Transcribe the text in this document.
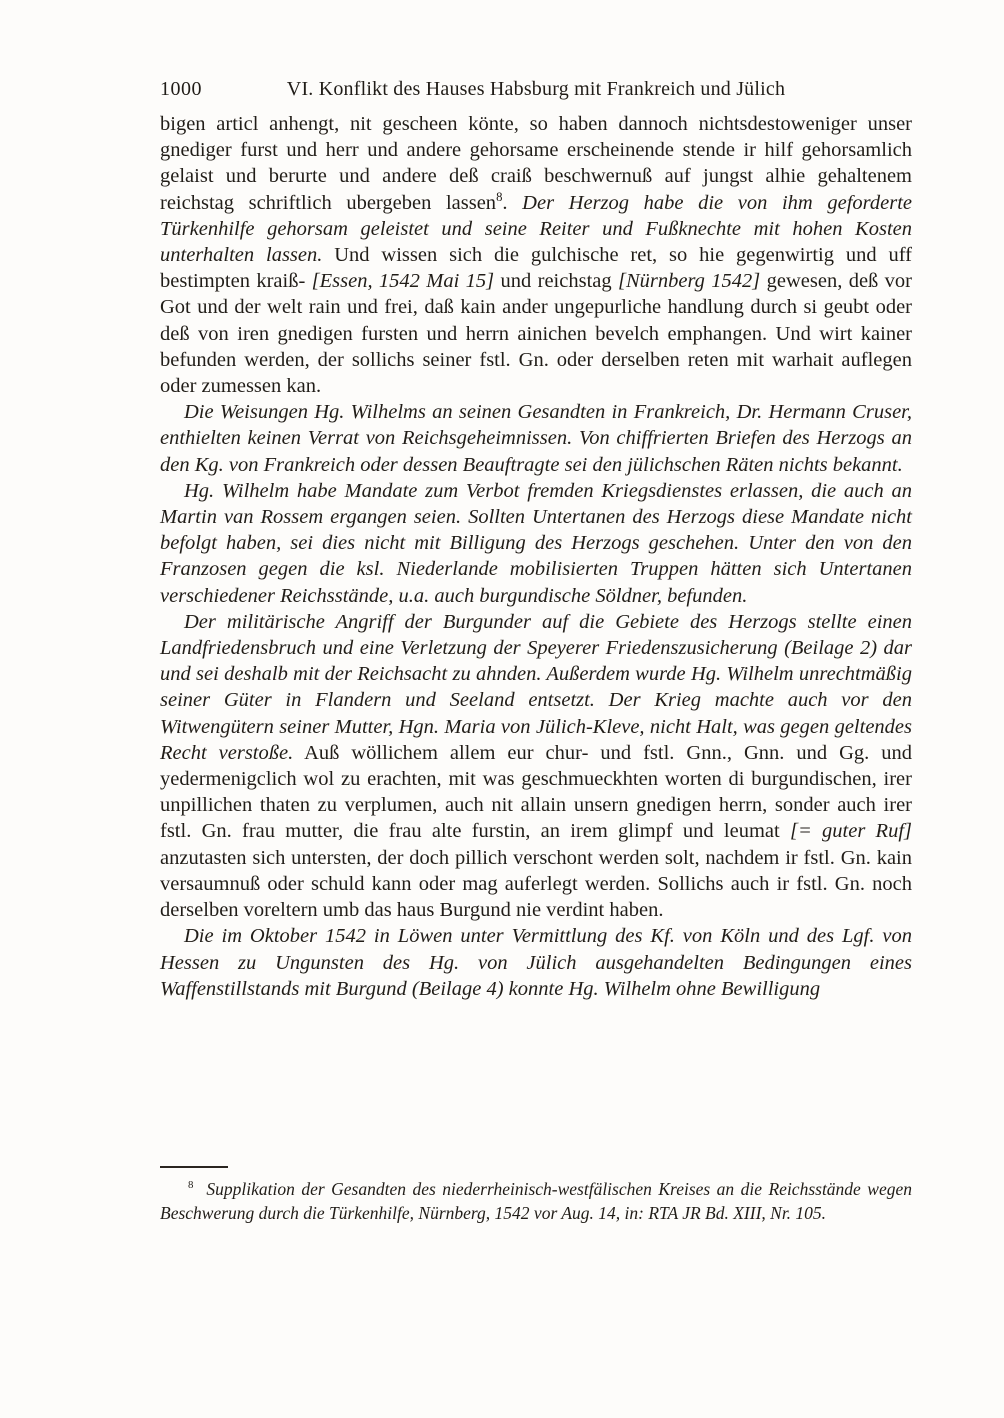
1000	VI. Konflikt des Hauses Habsburg mit Frankreich und Jülich

bigen articl anhengt, nit gescheen könte, so haben dannoch nichtsdestoweniger unser gnediger furst und herr und andere gehorsame erscheinende stende ir hilf gehorsamlich gelaist und berurte und andere deß craiß beschwernuß auf jungst alhie gehaltenem reichstag schriftlich ubergeben lassen$^8$. Der Herzog habe die von ihm geforderte Türkenhilfe gehorsam geleistet und seine Reiter und Fußknechte mit hohen Kosten unterhalten lassen. Und wissen sich die gulchische ret, so hie gegenwirtig und uff bestimpten kraiß- [Essen, 1542 Mai 15] und reichstag [Nürnberg 1542] gewesen, deß vor Got und der welt rain und frei, daß kain ander ungepurliche handlung durch si geubt oder deß von iren gnedigen fursten und herrn ainichen bevelch emphangen. Und wirt kainer befunden werden, der sollichs seiner fstl. Gn. oder derselben reten mit warhait auflegen oder zumessen kan.

Die Weisungen Hg. Wilhelms an seinen Gesandten in Frankreich, Dr. Hermann Cruser, enthielten keinen Verrat von Reichsgeheimnissen. Von chiffrierten Briefen des Herzogs an den Kg. von Frankreich oder dessen Beauftragte sei den jülichschen Räten nichts bekannt.

Hg. Wilhelm habe Mandate zum Verbot fremden Kriegsdienstes erlassen, die auch an Martin van Rossem ergangen seien. Sollten Untertanen des Herzogs diese Mandate nicht befolgt haben, sei dies nicht mit Billigung des Herzogs geschehen. Unter den von den Franzosen gegen die ksl. Niederlande mobilisierten Truppen hätten sich Untertanen verschiedener Reichsstände, u.a. auch burgundische Söldner, befunden.

Der militärische Angriff der Burgunder auf die Gebiete des Herzogs stellte einen Landfriedensbruch und eine Verletzung der Speyerer Friedenszusicherung (Beilage 2) dar und sei deshalb mit der Reichsacht zu ahnden. Außerdem wurde Hg. Wilhelm unrechtmäßig seiner Güter in Flandern und Seeland entsetzt. Der Krieg machte auch vor den Witwengütern seiner Mutter, Hgn. Maria von Jülich-Kleve, nicht Halt, was gegen geltendes Recht verstoße. Auß wöllichem allem eur chur- und fstl. Gnn., Gnn. und Gg. und yedermenigclich wol zu erachten, mit was geschmueckhten worten di burgundischen, irer unpillichen thaten zu verplumen, auch nit allain unsern gnedigen herrn, sonder auch irer fstl. Gn. frau mutter, die frau alte furstin, an irem glimpf und leumat [= guter Ruf] anzutasten sich untersten, der doch pillich verschont werden solt, nachdem ir fstl. Gn. kain versaumnuß oder schuld kann oder mag auferlegt werden. Sollichs auch ir fstl. Gn. noch derselben voreltern umb das haus Burgund nie verdint haben.

Die im Oktober 1542 in Löwen unter Vermittlung des Kf. von Köln und des Lgf. von Hessen zu Ungunsten des Hg. von Jülich ausgehandelten Bedingungen eines Waffenstillstands mit Burgund (Beilage 4) konnte Hg. Wilhelm ohne Bewilligung

$^8$ Supplikation der Gesandten des niederrheinisch-westfälischen Kreises an die Reichsstände wegen Beschwerung durch die Türkenhilfe, Nürnberg, 1542 vor Aug. 14, in: RTA JR Bd. XIII, Nr. 105.
